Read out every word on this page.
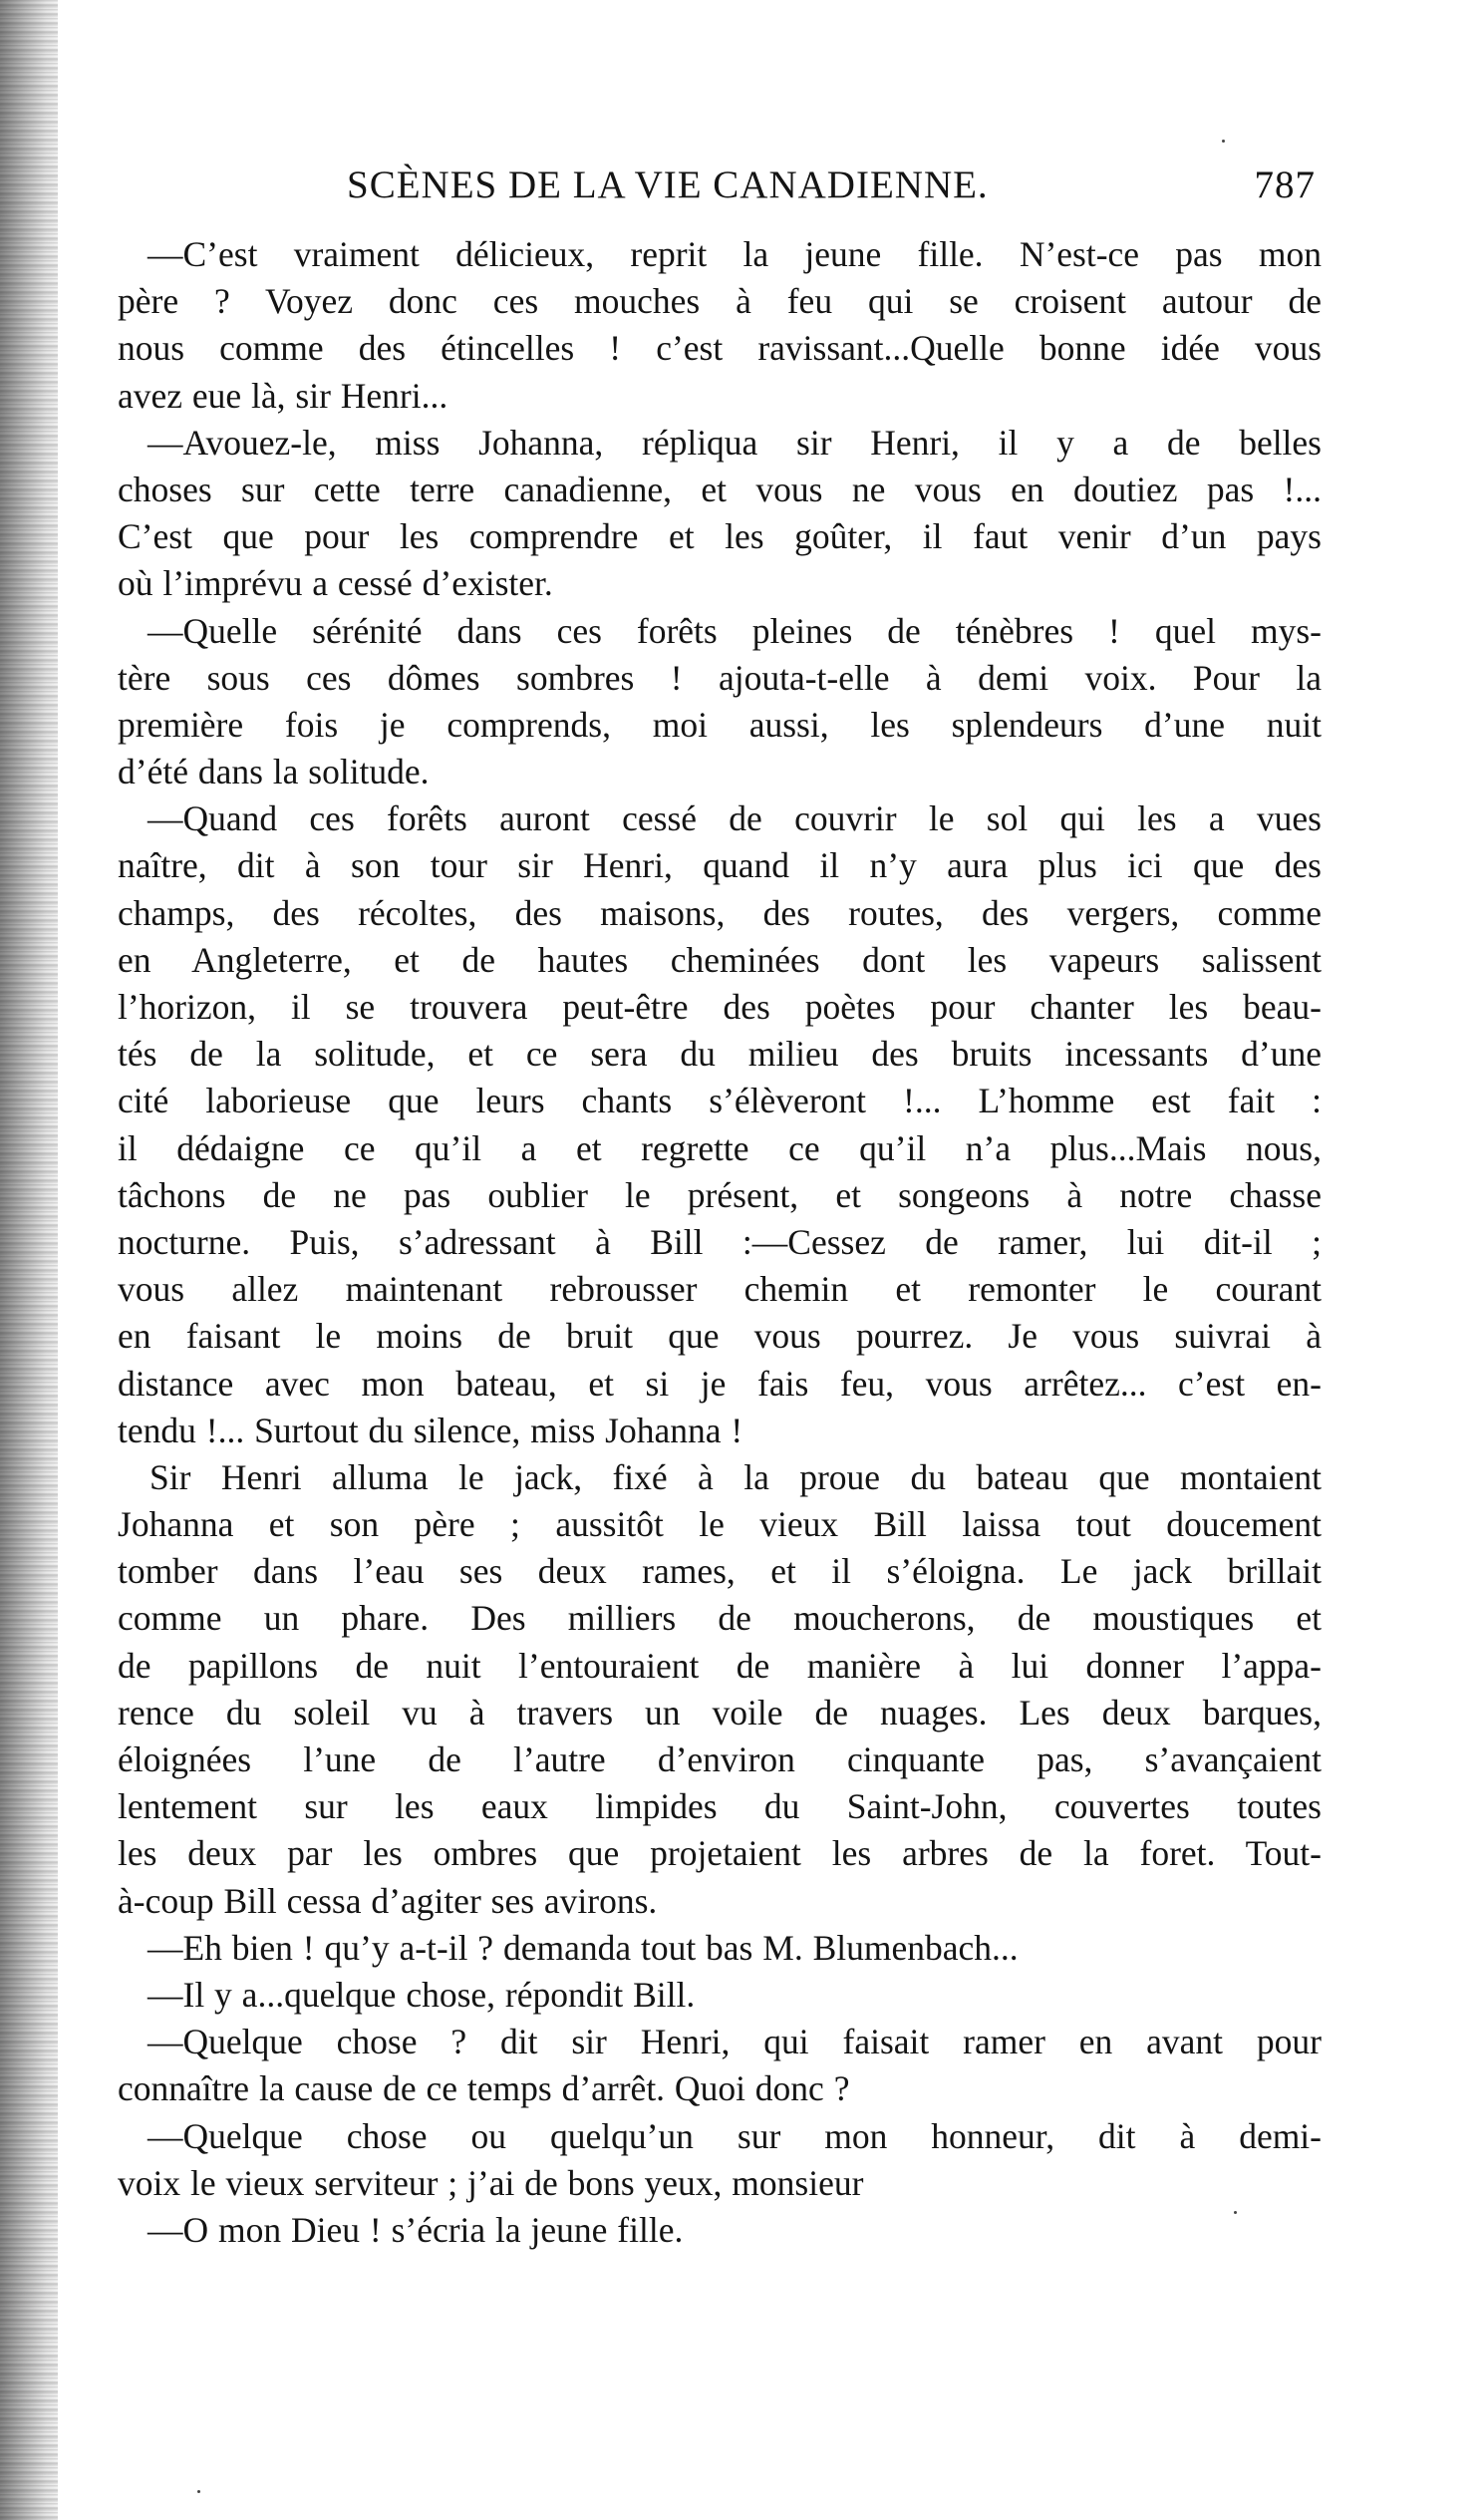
SCÈNES DE LA VIE CANADIENNE.	787
—C’est vraiment délicieux, reprit la jeune fille. N’est-ce pas mon
père ? Voyez donc ces mouches à feu qui se croisent autour de
nous comme des étincelles ! c’est ravissant...Quelle bonne idée vous
avez eue là, sir Henri...
—Avouez-le, miss Johanna, répliqua sir Henri, il y a de belles
choses sur cette terre canadienne, et vous ne vous en doutiez pas !...
C’est que pour les comprendre et les goûter, il faut venir d’un pays
où l’imprévu a cessé d’exister.
—Quelle sérénité dans ces forêts pleines de ténèbres ! quel mys-
tère sous ces dômes sombres ! ajouta-t-elle à demi voix. Pour la
première fois je comprends, moi aussi, les splendeurs d’une nuit
d’été dans la solitude.
—Quand ces forêts auront cessé de couvrir le sol qui les a vues
naître, dit à son tour sir Henri, quand il n’y aura plus ici que des
champs, des récoltes, des maisons, des routes, des vergers, comme
en Angleterre, et de hautes cheminées dont les vapeurs salissent
l’horizon, il se trouvera peut-être des poètes pour chanter les beau-
tés de la solitude, et ce sera du milieu des bruits incessants d’une
cité laborieuse que leurs chants s’élèveront !... L’homme est fait :
il dédaigne ce qu’il a et regrette ce qu’il n’a plus...Mais nous,
tâchons de ne pas oublier le présent, et songeons à notre chasse
nocturne. Puis, s’adressant à Bill :—Cessez de ramer, lui dit-il ;
vous allez maintenant rebrousser chemin et remonter le courant
en faisant le moins de bruit que vous pourrez. Je vous suivrai à
distance avec mon bateau, et si je fais feu, vous arrêtez... c’est en-
tendu !... Surtout du silence, miss Johanna !
Sir Henri alluma le jack, fixé à la proue du bateau que montaient
Johanna et son père ; aussitôt le vieux Bill laissa tout doucement
tomber dans l’eau ses deux rames, et il s’éloigna. Le jack brillait
comme un phare. Des milliers de moucherons, de moustiques et
de papillons de nuit l’entouraient de manière à lui donner l’appa-
rence du soleil vu à travers un voile de nuages. Les deux barques,
éloignées l’une de l’autre d’environ cinquante pas, s’avançaient
lentement sur les eaux limpides du Saint-John, couvertes toutes
les deux par les ombres que projetaient les arbres de la foret. Tout-
à-coup Bill cessa d’agiter ses avirons.
—Eh bien ! qu’y a-t-il ? demanda tout bas M. Blumenbach...
—Il y a...quelque chose, répondit Bill.
—Quelque chose ? dit sir Henri, qui faisait ramer en avant pour
connaître la cause de ce temps d’arrêt. Quoi donc ?
—Quelque chose ou quelqu’un sur mon honneur, dit à demi-
voix le vieux serviteur ; j’ai de bons yeux, monsieur
—O mon Dieu ! s’écria la jeune fille.
